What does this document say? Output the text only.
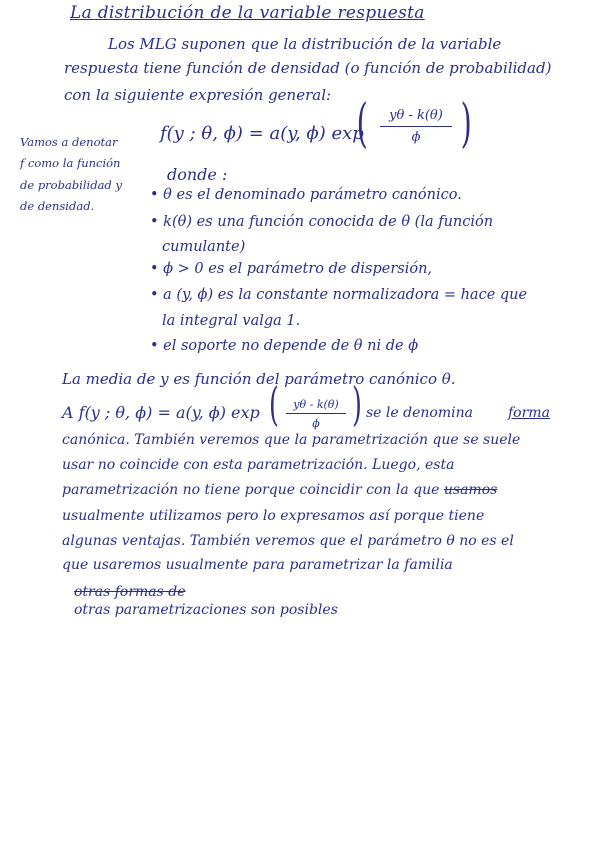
La distribución de la variable respuesta
Los MLG suponen que la distribución de la variable
respuesta tiene función de densidad (o función de probabilidad)
con la siguiente expresión general:
Vamos a denotar
f como la función
de probabilidad y
de densidad.
f(y ; θ, ϕ) = a(y, ϕ) exp
(	yθ - k(θ)
ϕ )
donde :
• θ es el denominado parámetro canónico.
• k(θ) es una función conocida de θ (la función
cumulante)
• ϕ > 0 es el parámetro de dispersión,
• a (y, ϕ) es la constante normalizadora = hace que
la integral valga 1.
• el soporte no depende de θ ni de ϕ
La media de y es función del parámetro canónico θ.
A f(y ; θ, ϕ) = a(y, ϕ) exp (	yθ - k(θ)
ϕ ) se le denomina	forma
canónica. También veremos que la parametrización que se suele
usar no coincide con esta parametrización. Luego, esta
parametrización no tiene porque coincidir con la que usamos
usualmente utilizamos pero lo expresamos así porque tiene
algunas ventajas. También veremos que el parámetro θ no es el
que usaremos usualmente para parametrizar la familia
otras formas de
otras parametrizaciones son posibles
